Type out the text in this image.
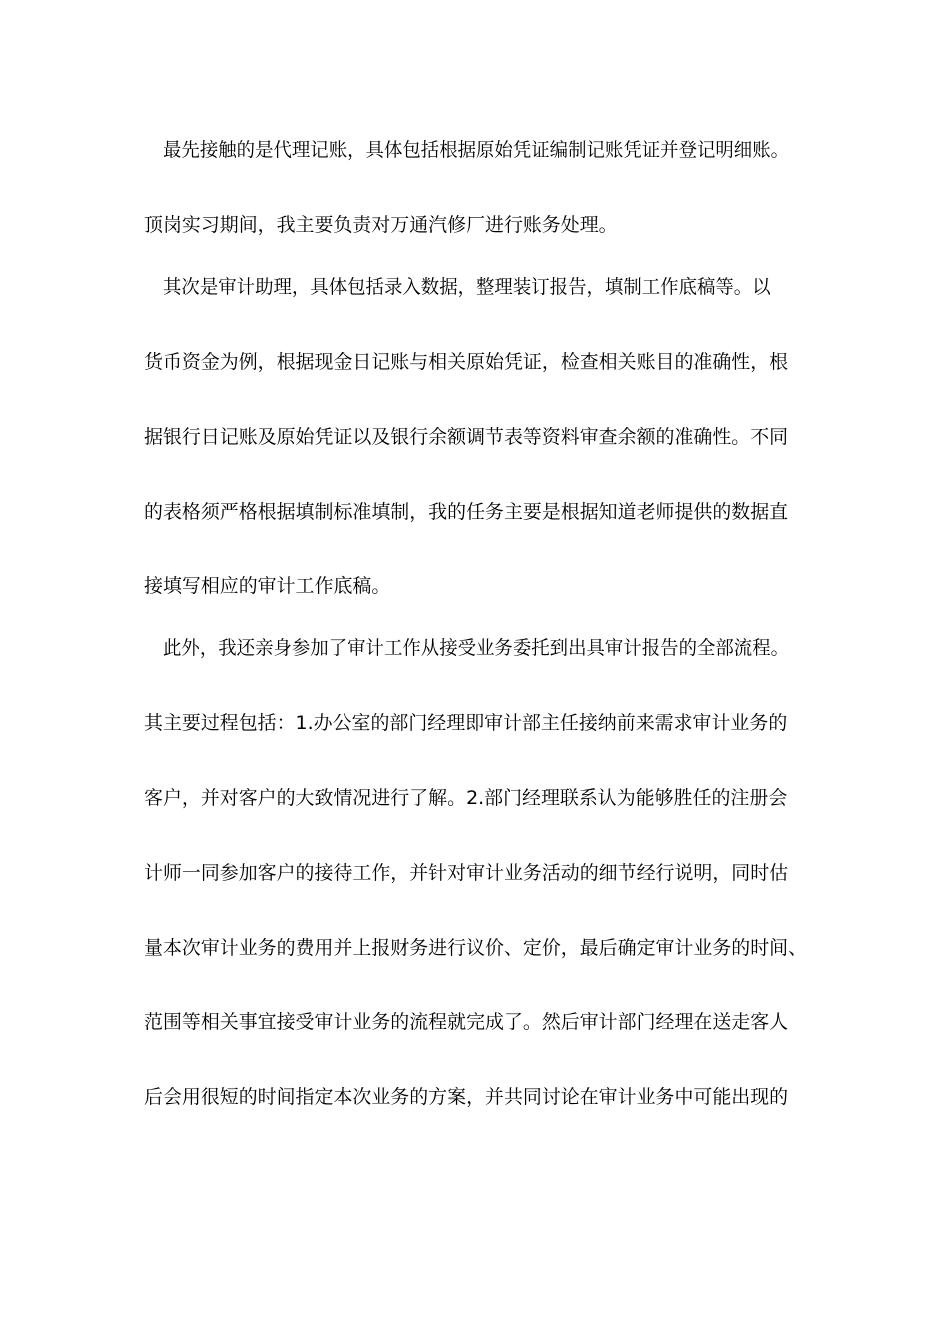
最先接触的是代理记账，具体包括根据原始凭证编制记账凭证并登记明细账。
顶岗实习期间，我主要负责对万通汽修厂进行账务处理。
其次是审计助理，具体包括录入数据，整理装订报告，填制工作底稿等。以
货币资金为例，根据现金日记账与相关原始凭证，检查相关账目的准确性，根
据银行日记账及原始凭证以及银行余额调节表等资料审查余额的准确性。不同
的表格须严格根据填制标准填制，我的任务主要是根据知道老师提供的数据直
接填写相应的审计工作底稿。
此外，我还亲身参加了审计工作从接受业务委托到出具审计报告的全部流程。
其主要过程包括：1.办公室的部门经理即审计部主任接纳前来需求审计业务的
客户，并对客户的大致情况进行了解。2.部门经理联系认为能够胜任的注册会
计师一同参加客户的接待工作，并针对审计业务活动的细节经行说明，同时估
量本次审计业务的费用并上报财务进行议价、定价，最后确定审计业务的时间、
范围等相关事宜接受审计业务的流程就完成了。然后审计部门经理在送走客人
后会用很短的时间指定本次业务的方案，并共同讨论在审计业务中可能出现的
